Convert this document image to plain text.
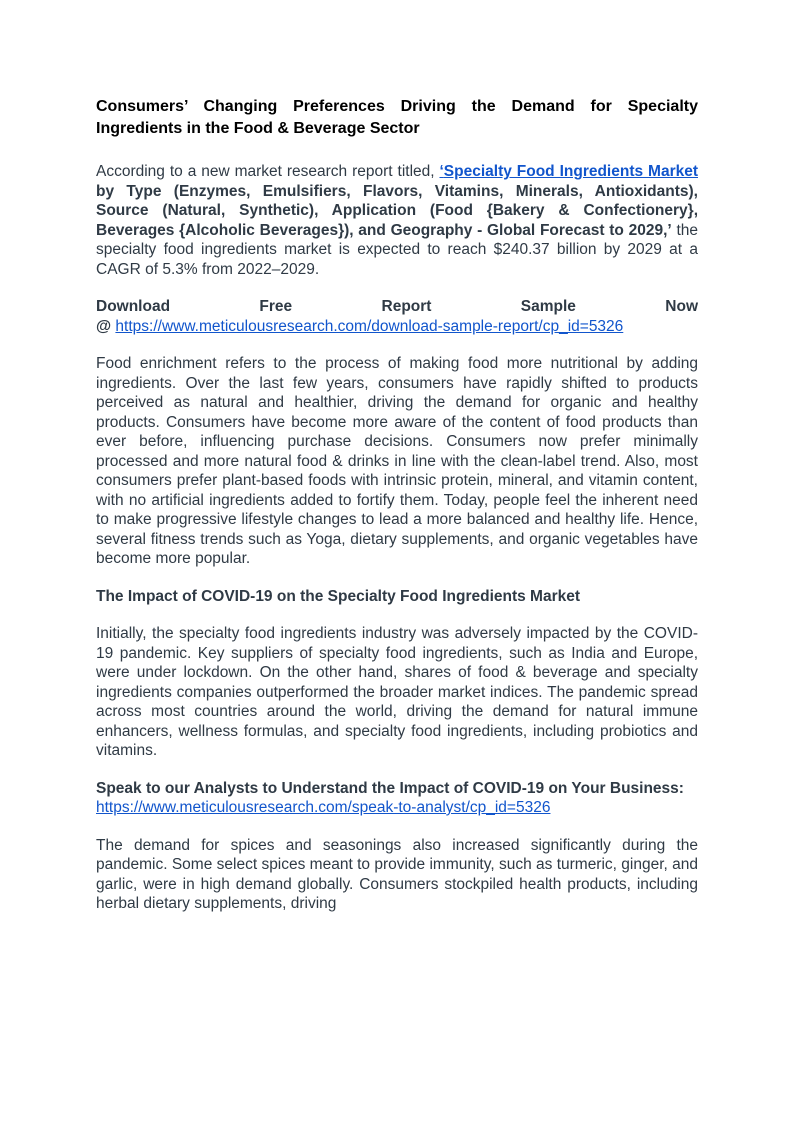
Consumers’ Changing Preferences Driving the Demand for Specialty Ingredients in the Food & Beverage Sector

According to a new market research report titled, ‘Specialty Food Ingredients Market by Type (Enzymes, Emulsifiers, Flavors, Vitamins, Minerals, Antioxidants), Source (Natural, Synthetic), Application (Food {Bakery & Confectionery}, Beverages {Alcoholic Beverages}), and Geography - Global Forecast to 2029,’ the specialty food ingredients market is expected to reach $240.37 billion by 2029 at a CAGR of 5.3% from 2022–2029.

Download	Free	Report	Sample	Now

@ https://www.meticulousresearch.com/download-sample-report/cp_id=5326

Food enrichment refers to the process of making food more nutritional by adding ingredients. Over the last few years, consumers have rapidly shifted to products perceived as natural and healthier, driving the demand for organic and healthy products. Consumers have become more aware of the content of food products than ever before, influencing purchase decisions. Consumers now prefer minimally processed and more natural food & drinks in line with the clean-label trend. Also, most consumers prefer plant-based foods with intrinsic protein, mineral, and vitamin content, with no artificial ingredients added to fortify them. Today, people feel the inherent need to make progressive lifestyle changes to lead a more balanced and healthy life. Hence, several fitness trends such as Yoga, dietary supplements, and organic vegetables have become more popular.

The Impact of COVID-19 on the Specialty Food Ingredients Market

Initially, the specialty food ingredients industry was adversely impacted by the COVID-19 pandemic. Key suppliers of specialty food ingredients, such as India and Europe, were under lockdown. On the other hand, shares of food & beverage and specialty ingredients companies outperformed the broader market indices. The pandemic spread across most countries around the world, driving the demand for natural immune enhancers, wellness formulas, and specialty food ingredients, including probiotics and vitamins.

Speak to our Analysts to Understand the Impact of COVID-19 on Your Business: https://www.meticulousresearch.com/speak-to-analyst/cp_id=5326

The demand for spices and seasonings also increased significantly during the pandemic. Some select spices meant to provide immunity, such as turmeric, ginger, and garlic, were in high demand globally. Consumers stockpiled health products, including herbal dietary supplements, driving
